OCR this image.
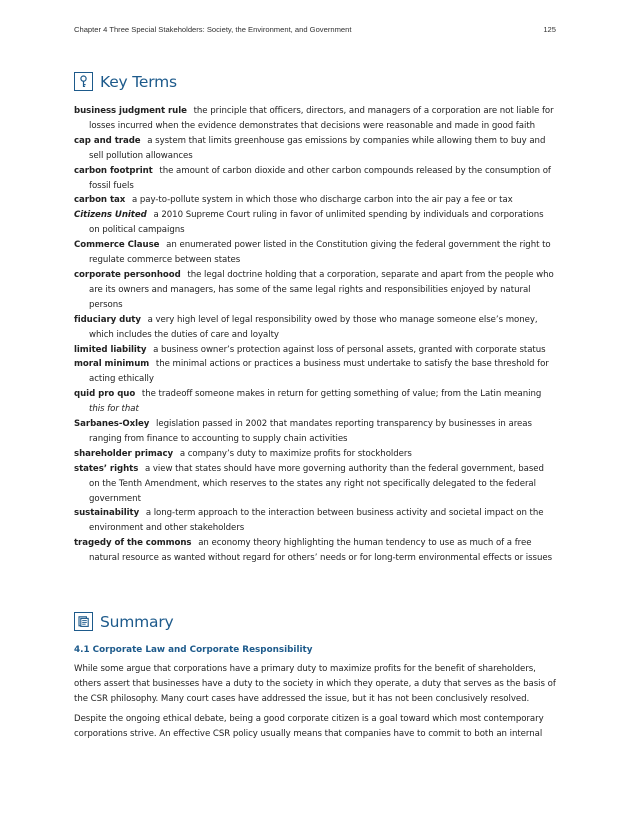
Chapter 4 Three Special Stakeholders: Society, the Environment, and Government	125
Key Terms

business judgment rule the principle that officers, directors, and managers of a corporation are not liable for losses incurred when the evidence demonstrates that decisions were reasonable and made in good faith

cap and trade a system that limits greenhouse gas emissions by companies while allowing them to buy and sell pollution allowances

carbon footprint the amount of carbon dioxide and other carbon compounds released by the consumption of fossil fuels

carbon tax a pay-to-pollute system in which those who discharge carbon into the air pay a fee or tax

Citizens United a 2010 Supreme Court ruling in favor of unlimited spending by individuals and corporations on political campaigns

Commerce Clause an enumerated power listed in the Constitution giving the federal government the right to regulate commerce between states

corporate personhood the legal doctrine holding that a corporation, separate and apart from the people who are its owners and managers, has some of the same legal rights and responsibilities enjoyed by natural persons

fiduciary duty a very high level of legal responsibility owed by those who manage someone else’s money, which includes the duties of care and loyalty

limited liability a business owner’s protection against loss of personal assets, granted with corporate status

moral minimum the minimal actions or practices a business must undertake to satisfy the base threshold for acting ethically

quid pro quo the tradeoff someone makes in return for getting something of value; from the Latin meaning this for that

Sarbanes-Oxley legislation passed in 2002 that mandates reporting transparency by businesses in areas ranging from finance to accounting to supply chain activities

shareholder primacy a company’s duty to maximize profits for stockholders

states’ rights a view that states should have more governing authority than the federal government, based on the Tenth Amendment, which reserves to the states any right not specifically delegated to the federal government

sustainability a long-term approach to the interaction between business activity and societal impact on the environment and other stakeholders

tragedy of the commons an economy theory highlighting the human tendency to use as much of a free natural resource as wanted without regard for others’ needs or for long-term environmental effects or issues

Summary
4.1 Corporate Law and Corporate Responsibility

While some argue that corporations have a primary duty to maximize profits for the benefit of shareholders, others assert that businesses have a duty to the society in which they operate, a duty that serves as the basis of the CSR philosophy. Many court cases have addressed the issue, but it has not been conclusively resolved.

Despite the ongoing ethical debate, being a good corporate citizen is a goal toward which most contemporary corporations strive. An effective CSR policy usually means that companies have to commit to both an internal
